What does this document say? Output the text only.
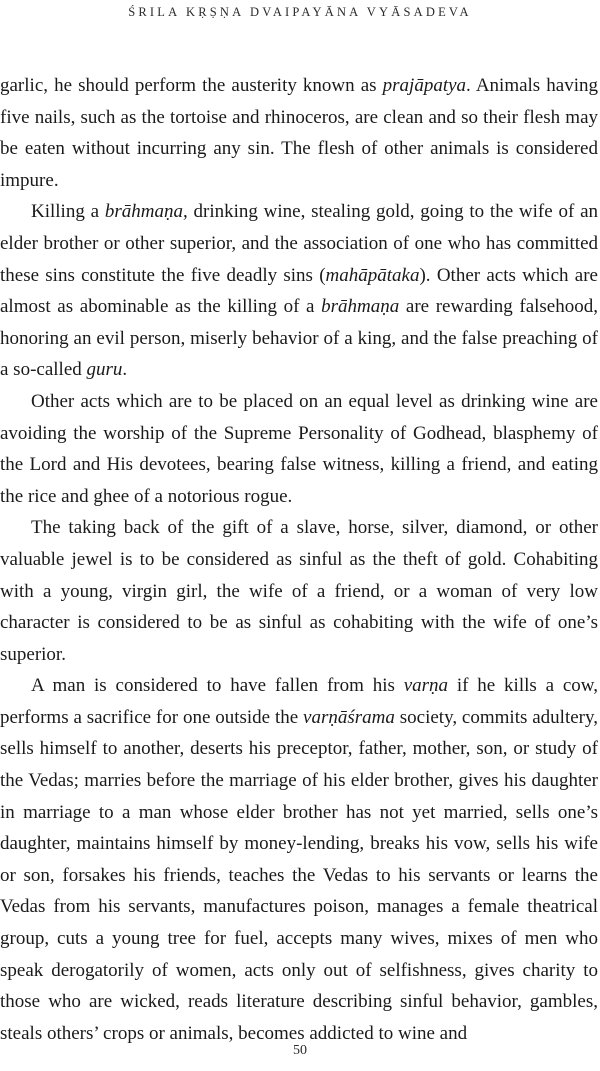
ŚRILA KṚṢṆA DVAIPAYĀNA VYĀSADEVA

garlic, he should perform the austerity known as prajāpatya. Animals having five nails, such as the tortoise and rhinoceros, are clean and so their flesh may be eaten without incurring any sin. The flesh of other animals is considered impure.

Killing a brāhmaṇa, drinking wine, stealing gold, going to the wife of an elder brother or other superior, and the association of one who has committed these sins constitute the five deadly sins (mahāpātaka). Other acts which are almost as abominable as the killing of a brāhmaṇa are rewarding falsehood, honoring an evil person, miserly behavior of a king, and the false preaching of a so-called guru.

Other acts which are to be placed on an equal level as drinking wine are avoiding the worship of the Supreme Personality of Godhead, blasphemy of the Lord and His devotees, bearing false witness, killing a friend, and eating the rice and ghee of a notorious rogue.

The taking back of the gift of a slave, horse, silver, diamond, or other valuable jewel is to be considered as sinful as the theft of gold. Cohabiting with a young, virgin girl, the wife of a friend, or a woman of very low character is considered to be as sinful as cohabiting with the wife of one’s superior.

A man is considered to have fallen from his varṇa if he kills a cow, performs a sacrifice for one outside the varṇāśrama society, commits adultery, sells himself to another, deserts his preceptor, father, mother, son, or study of the Vedas; marries before the marriage of his elder brother, gives his daughter in marriage to a man whose elder brother has not yet married, sells one’s daughter, maintains himself by money-lending, breaks his vow, sells his wife or son, forsakes his friends, teaches the Vedas to his servants or learns the Vedas from his servants, manufactures poison, manages a female theatrical group, cuts a young tree for fuel, accepts many wives, mixes of men who speak derogatorily of women, acts only out of selfishness, gives charity to those who are wicked, reads literature describing sinful behavior, gambles, steals others’ crops or animals, becomes addicted to wine and

50
